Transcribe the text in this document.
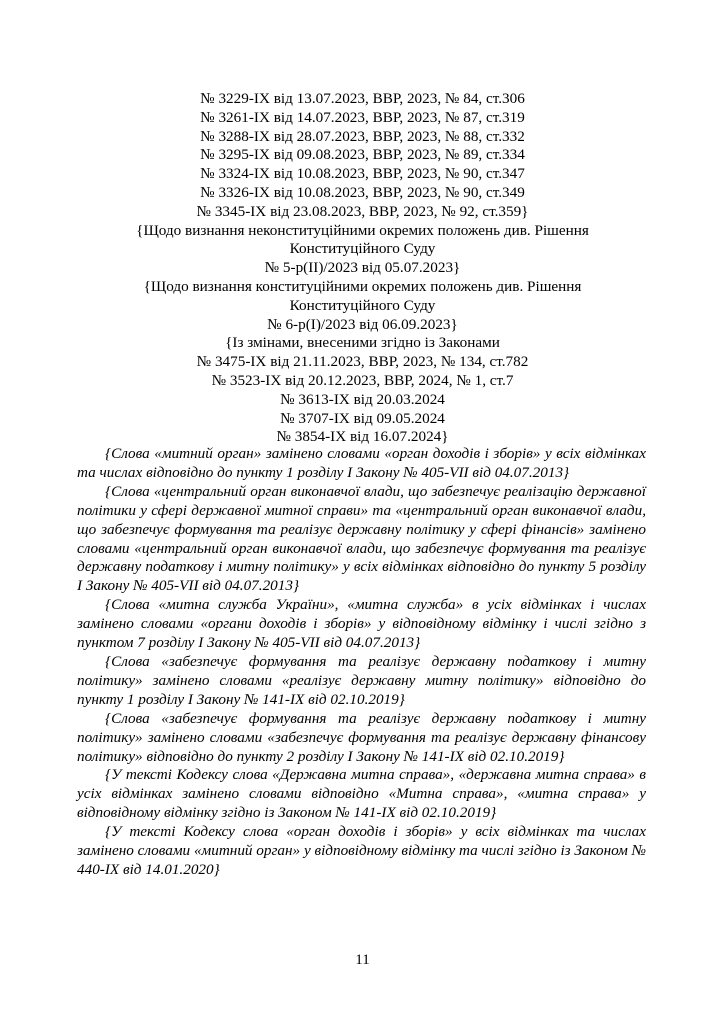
№ 3229-IX від 13.07.2023, ВВР, 2023, № 84, ст.306
№ 3261-IX від 14.07.2023, ВВР, 2023, № 87, ст.319
№ 3288-IX від 28.07.2023, ВВР, 2023, № 88, ст.332
№ 3295-IX від 09.08.2023, ВВР, 2023, № 89, ст.334
№ 3324-IX від 10.08.2023, ВВР, 2023, № 90, ст.347
№ 3326-IX від 10.08.2023, ВВР, 2023, № 90, ст.349
№ 3345-IX від 23.08.2023, ВВР, 2023, № 92, ст.359}
{Щодо визнання неконституційними окремих положень див. Рішення
Конституційного Суду
№ 5-р(II)/2023 від 05.07.2023}
{Щодо визнання конституційними окремих положень див. Рішення
Конституційного Суду
№ 6-р(I)/2023 від 06.09.2023}
{Із змінами, внесеними згідно із Законами
№ 3475-IX від 21.11.2023, ВВР, 2023, № 134, ст.782
№ 3523-IX від 20.12.2023, ВВР, 2024, № 1, ст.7
№ 3613-IX від 20.03.2024
№ 3707-IX від 09.05.2024
№ 3854-IX від 16.07.2024}

{Слова «митний орган» замінено словами «орган доходів і зборів» у всіх відмінках та числах відповідно до пункту 1 розділу I Закону № 405-VII від 04.07.2013}

{Слова «центральний орган виконавчої влади, що забезпечує реалізацію державної політики у сфері державної митної справи» та «центральний орган виконавчої влади, що забезпечує формування та реалізує державну політику у сфері фінансів» замінено словами «центральний орган виконавчої влади, що забезпечує формування та реалізує державну податкову і митну політику» у всіх відмінках відповідно до пункту 5 розділу I Закону № 405-VII від 04.07.2013}

{Слова «митна служба України», «митна служба» в усіх відмінках і числах замінено словами «органи доходів і зборів» у відповідному відмінку і числі згідно з пунктом 7 розділу I Закону № 405-VII від 04.07.2013}

{Слова «забезпечує формування та реалізує державну податкову і митну політику» замінено словами «реалізує державну митну політику» відповідно до пункту 1 розділу I Закону № 141-IX від 02.10.2019}

{Слова «забезпечує формування та реалізує державну податкову і митну політику» замінено словами «забезпечує формування та реалізує державну фінансову політику» відповідно до пункту 2 розділу I Закону № 141-IX від 02.10.2019}

{У тексті Кодексу слова «Державна митна справа», «державна митна справа» в усіх відмінках замінено словами відповідно «Митна справа», «митна справа» у відповідному відмінку згідно із Законом № 141-IX від 02.10.2019}

{У тексті Кодексу слова «орган доходів і зборів» у всіх відмінках та числах замінено словами «митний орган» у відповідному відмінку та числі згідно із Законом № 440-IX від 14.01.2020}

11
